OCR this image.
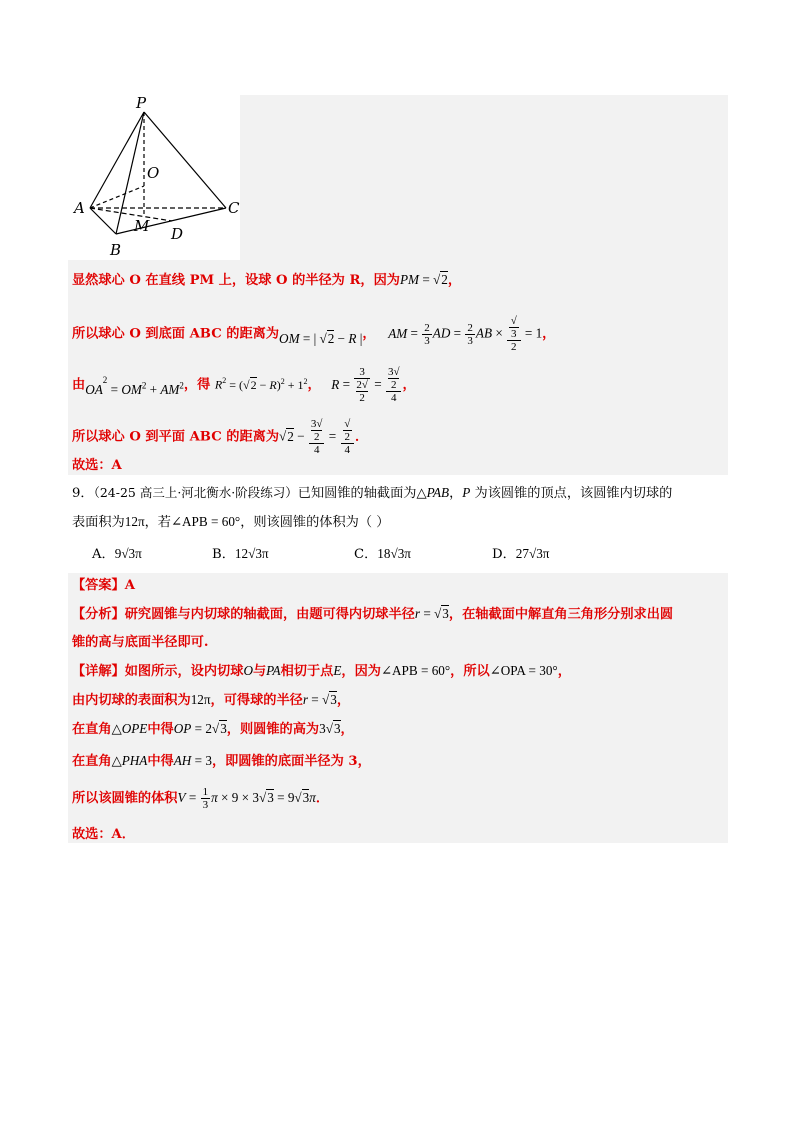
P
O
A	C
M D
B
显然球心 O 在直线 PM 上，设球 O 的半径为 R，因为PM = √2，
所以球心 O 到底面 ABC 的距离为OM = | √2 − R |， AM = $\frac{2}{3}$ AD = $\frac{2}{3}$ AB × √
3
2 = 1，
由$OA^2 = OM^2 + AM^2$，得 $R^2 = (√2 - R)^2 + 1^2$， R = 3
2√
2 = 3√
2
4 ，
所以球心 O 到平面 ABC 的距离为√2 − 3√
2
4 = √
2
4 ．
故选：A
9．（24-25 高三上·河北衡水·阶段练习）已知圆锥的轴截面为△PAB，P 为该圆锥的顶点，该圆锥内切球的
表面积为12π，若∠APB = 60°，则该圆锥的体积为（ ）
A．9√3π	B．12√3π	C．18√3π	D．27√3π
【答案】A
【分析】研究圆锥与内切球的轴截面，由题可得内切球半径r = √3，在轴截面中解直角三角形分别求出圆
锥的高与底面半径即可.
【详解】如图所示，设内切球O与PA相切于点E，因为∠APB = 60°，所以∠OPA = 30°，
由内切球的表面积为12π，可得球的半径r = √3，
在直角△OPE中得OP = 2√3，则圆锥的高为3√3，
在直角△PHA中得AH = 3，即圆锥的底面半径为 3，
所以该圆锥的体积$V = \frac{1}{3}$ π × 9 × 3√3 = 9√3π．
故选：A．
